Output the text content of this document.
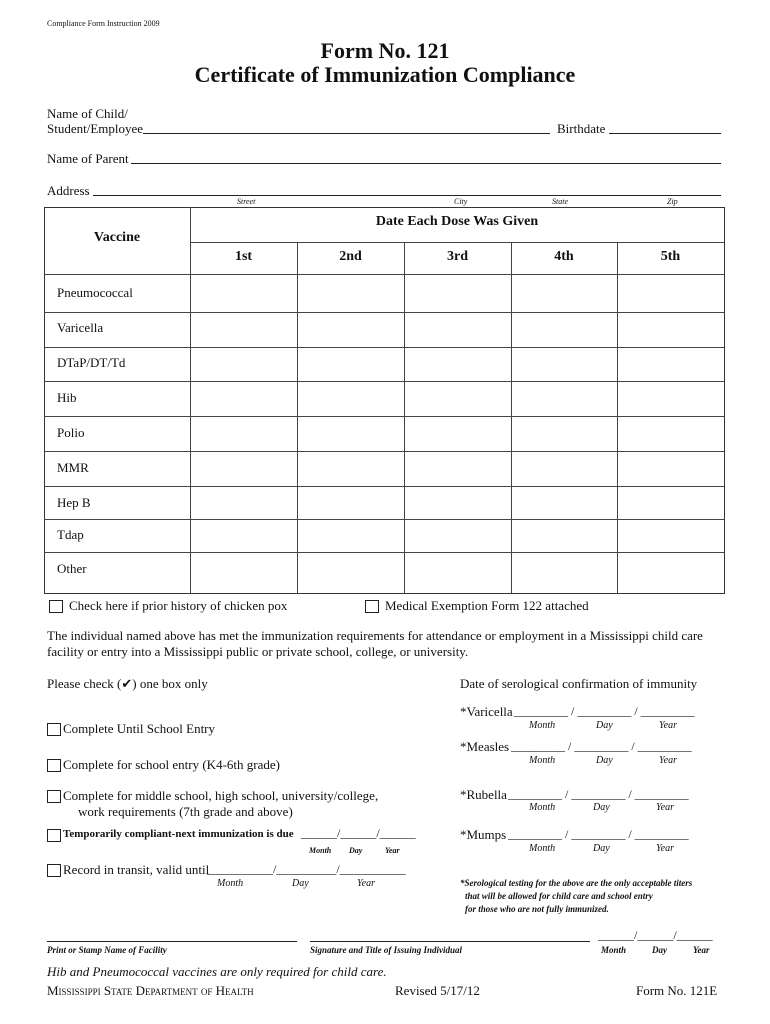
Compliance Form Instruction 2009
Form No. 121
Certificate of Immunization Compliance
Name of Child/
Student/Employee	Birthdate
Name of Parent
Address
Street	City	State	Zip
Vaccine
Date Each Dose Was Given
1st	2nd	3rd	4th	5th
Pneumococcal
Varicella
DTaP/DT/Td
Hib
Polio
MMR
Hep B
Tdap
Other
Check here if prior history of chicken pox	Medical Exemption Form 122 attached
The individual named above has met the immunization requirements for attendance or employment in a Mississippi child care
facility or entry into a Mississippi public or private school, college, or university.
Please check (✔) one box only
Complete Until School Entry
Complete for school entry (K4-6th grade)
Complete for middle school, high school, university/college,
work requirements (7th grade and above)
Temporarily compliant-next immunization is due ______/______/______
Month Day	Year
Record in transit, valid until
___________/__________/___________
Month	Day	Year
Date of serological confirmation of immunity
*Varicella _________ / _________ / _________
Month	Day	Year
*Measles _________ / _________ / _________
Month	Day	Year
*Rubella _________ / _________ / _________
Month	Day	Year
*Mumps _________ / _________ / _________
Month	Day	Year
*Serological testing for the above are the only acceptable titers
that will be allowed for child care and school entry
for those who are not fully immunized.
______/______/______
Print or Stamp Name of Facility	Signature and Title of Issuing Individual	Month	Day	Year
Hib and Pneumococcal vaccines are only required for child care.
Mississippi State Department of Health	Revised 5/17/12	Form No. 121E
